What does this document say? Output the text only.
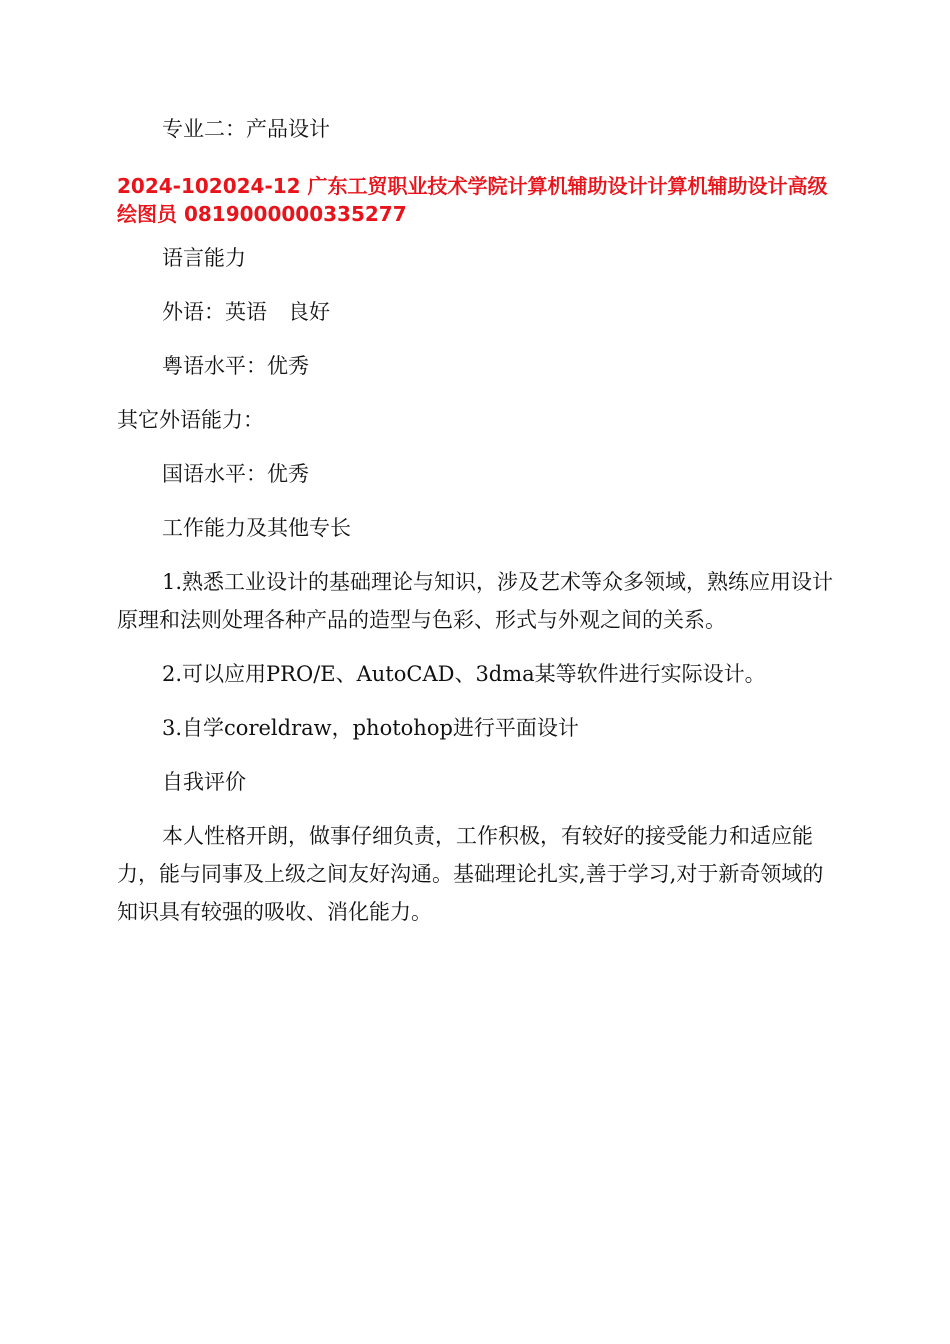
专业二：产品设计

2024-102024-12 广东工贸职业技术学院计算机辅助设计计算机辅助设计高级绘图员 0819000000335277

语言能力

外语：英语　良好

粤语水平：优秀

其它外语能力：

国语水平：优秀

工作能力及其他专长

1.熟悉工业设计的基础理论与知识，涉及艺术等众多领域，熟练应用设计原理和法则处理各种产品的造型与色彩、形式与外观之间的关系。

2.可以应用PRO/E、AutoCAD、3dma某等软件进行实际设计。

3.自学coreldraw，photohop进行平面设计

自我评价

本人性格开朗，做事仔细负责，工作积极，有较好的接受能力和适应能力，能与同事及上级之间友好沟通。基础理论扎实,善于学习,对于新奇领域的知识具有较强的吸收、消化能力。
